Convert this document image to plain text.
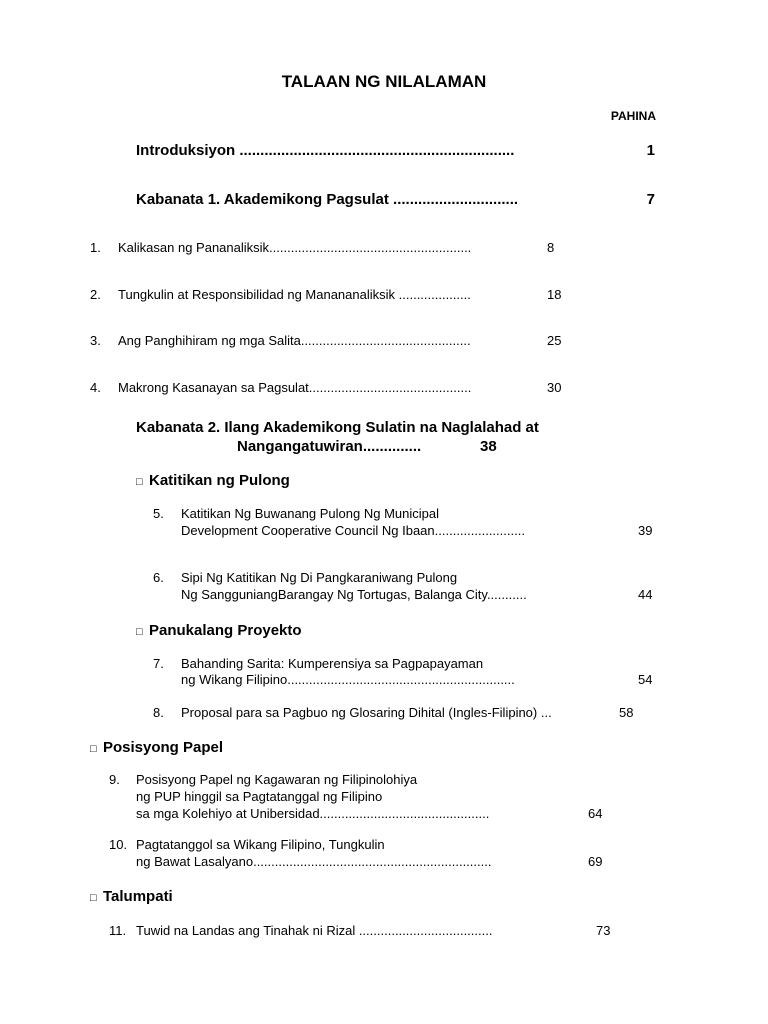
TALAAN NG NILALAMAN
PAHINA
Introduksiyon ..................................................................	1
Kabanata 1. Akademikong Pagsulat ..............................	7
1. Kalikasan ng Pananaliksik........................................................	8
2. Tungkulin at Responsibilidad ng Manananaliksik ....................	18
3. Ang Panghihiram ng mga Salita...............................................	25
4. Makrong Kasanayan sa Pagsulat.............................................	30
Kabanata 2. Ilang Akademikong Sulatin na Naglalahad at
Nangangatuwiran..............	38
□ Katitikan ng Pulong
5. Katitikan Ng Buwanang Pulong Ng Municipal
Development Cooperative Council Ng Ibaan.........................	39
6. Sipi Ng Katitikan Ng Di Pangkaraniwang Pulong
Ng SangguniangBarangay Ng Tortugas, Balanga City...........	44
□ Panukalang Proyekto
7. Bahanding Sarita: Kumperensiya sa Pagpapayaman
ng Wikang Filipino...............................................................	54
8. Proposal para sa Pagbuo ng Glosaring Dihital (Ingles-Filipino) ...	58
□ Posisyong Papel
9. Posisyong Papel ng Kagawaran ng Filipinolohiya
ng PUP hinggil sa Pagtatanggal ng Filipino
sa mga Kolehiyo at Unibersidad...............................................	64
10. Pagtatanggol sa Wikang Filipino, Tungkulin
ng Bawat Lasalyano..................................................................	69
□ Talumpati
11. Tuwid na Landas ang Tinahak ni Rizal .....................................	73
